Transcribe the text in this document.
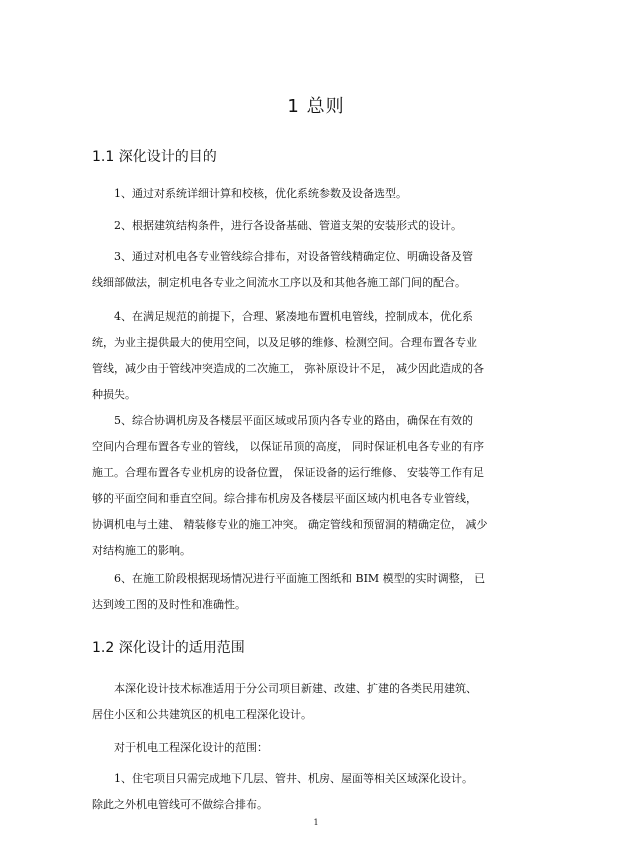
1 总则
1.1 深化设计的目的
1、通过对系统详细计算和校核，优化系统参数及设备选型。
2、根据建筑结构条件，进行各设备基础、管道支架的安装形式的设计。
3、通过对机电各专业管线综合排布，对设备管线精确定位、明确设备及管
线细部做法，制定机电各专业之间流水工序以及和其他各施工部门间的配合。
4、在满足规范的前提下，合理、紧凑地布置机电管线，控制成本，优化系
统，为业主提供最大的使用空间，以及足够的维修、检测空间。合理布置各专业
管线，减少由于管线冲突造成的二次施工， 弥补原设计不足， 减少因此造成的各
种损失。
5、综合协调机房及各楼层平面区域或吊顶内各专业的路由，确保在有效的
空间内合理布置各专业的管线， 以保证吊顶的高度， 同时保证机电各专业的有序
施工。合理布置各专业机房的设备位置， 保证设备的运行维修、 安装等工作有足
够的平面空间和垂直空间。综合排布机房及各楼层平面区域内机电各专业管线，
协调机电与土建、 精装修专业的施工冲突。 确定管线和预留洞的精确定位， 减少
对结构施工的影响。
6、在施工阶段根据现场情况进行平面施工图纸和 BIM 模型的实时调整， 已
达到竣工图的及时性和准确性。
1.2 深化设计的适用范围
本深化设计技术标准适用于分公司项目新建、改建、扩建的各类民用建筑、
居住小区和公共建筑区的机电工程深化设计。
对于机电工程深化设计的范围：
1、住宅项目只需完成地下几层、管井、机房、屋面等相关区域深化设计。
除此之外机电管线可不做综合排布。
1
